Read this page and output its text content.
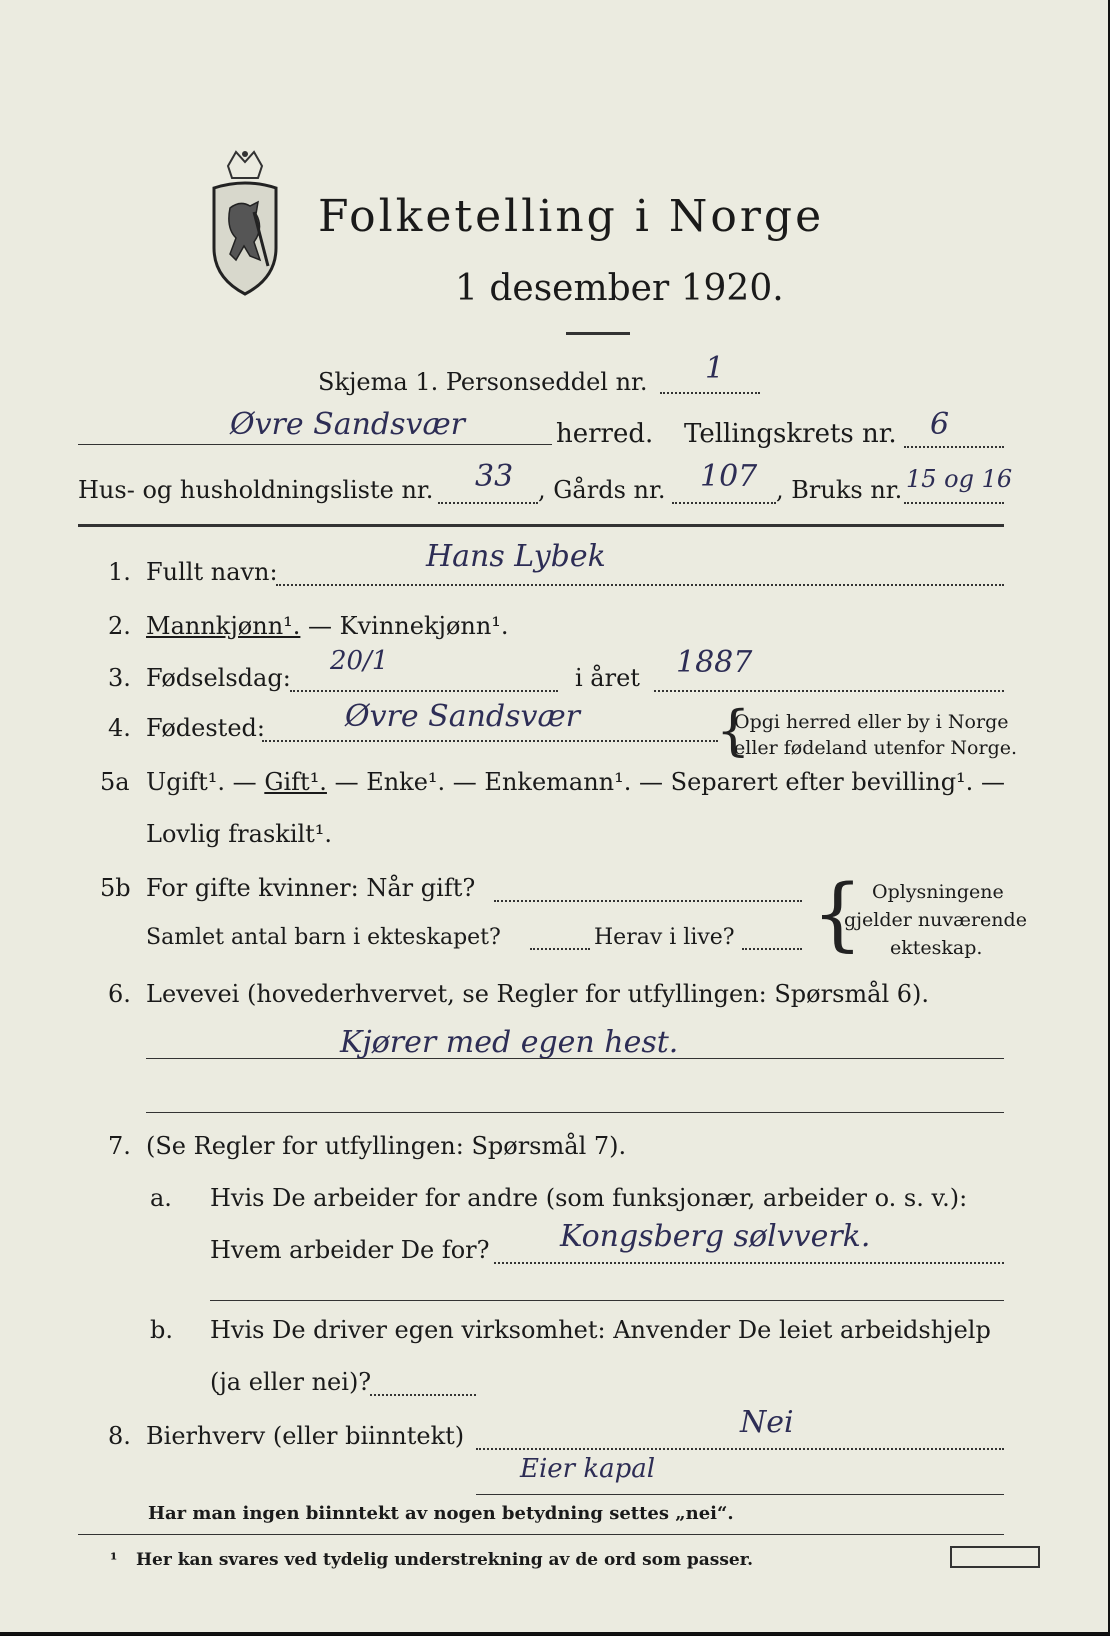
Folketelling i Norge
1 desember 1920.
Skjema 1. Personseddel nr. 1
Øvre Sandsvær	herred. Tellingskrets nr. 6
Hus- og husholdningsliste nr. 33 , Gårds nr. 107 , Bruks nr. 15 og 16
1. Fullt navn:	Hans Lybek
2. Mannkjønn¹. — Kvinnekjønn¹.
3. Fødselsdag:
20/1
i året 1887
4. Fødested:	Øvre Sandsvær	{
Opgi herred eller by i Norge
eller fødeland utenfor Norge.
5a Ugift¹. — Gift¹. — Enke¹. — Enkemann¹. — Separert efter bevilling¹. —
Lovlig fraskilt¹.
5b For gifte kvinner: Når gift?
Samlet antal barn i ekteskapet?	Herav i live? { Oplysningene
gjelder nuværende
ekteskap.
6. Levevei (hovederhvervet, se Regler for utfyllingen: Spørsmål 6).
Kjører med egen hest.
7. (Se Regler for utfyllingen: Spørsmål 7).
a. Hvis De arbeider for andre (som funksjonær, arbeider o. s. v.):
Hvem arbeider De for? Kongsberg sølvverk.
b. Hvis De driver egen virksomhet: Anvender De leiet arbeidshjelp
(ja eller nei)?
8. Bierhverv (eller biinntekt)	Nei
Eier kapal
Har man ingen biinntekt av nogen betydning settes „nei“.
¹ Her kan svares ved tydelig understrekning av de ord som passer.
